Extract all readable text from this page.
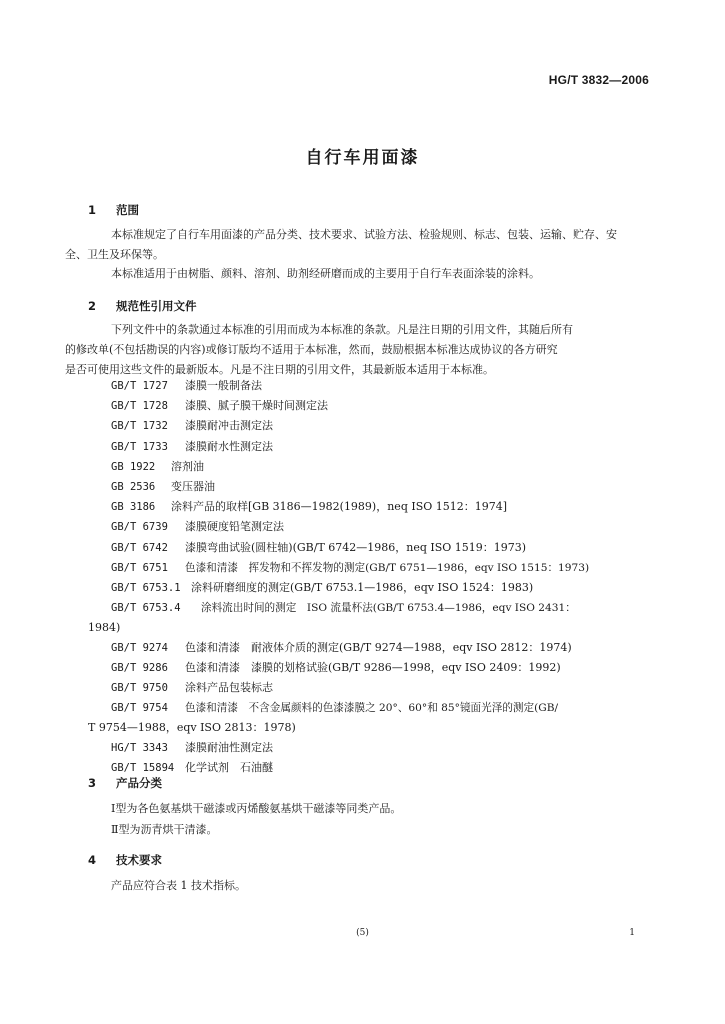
HG/T 3832—2006
自行车用面漆
1 范围
本标准规定了自行车用面漆的产品分类、技术要求、试验方法、检验规则、标志、包装、运输、贮存、安
全、卫生及环保等。
本标准适用于由树脂、颜料、溶剂、助剂经研磨而成的主要用于自行车表面涂装的涂料。
2 规范性引用文件
下列文件中的条款通过本标准的引用而成为本标准的条款。凡是注日期的引用文件，其随后所有
的修改单(不包括勘误的内容)或修订版均不适用于本标准，然而，鼓励根据本标准达成协议的各方研究
是否可使用这些文件的最新版本。凡是不注日期的引用文件，其最新版本适用于本标准。
GB/T 1727 漆膜一般制备法
GB/T 1728 漆膜、腻子膜干燥时间测定法
GB/T 1732 漆膜耐冲击测定法
GB/T 1733 漆膜耐水性测定法
GB 1922 溶剂油
GB 2536 变压器油
GB 3186 涂料产品的取样[GB 3186—1982(1989)，neq ISO 1512：1974]
GB/T 6739 漆膜硬度铅笔测定法
GB/T 6742 漆膜弯曲试验(圆柱轴)(GB/T 6742—1986，neq ISO 1519：1973)
GB/T 6751 色漆和清漆　挥发物和不挥发物的测定(GB/T 6751—1986，eqv ISO 1515：1973)
GB/T 6753.1 涂料研磨细度的测定(GB/T 6753.1—1986，eqv ISO 1524：1983)
GB/T 6753.4 涂料流出时间的测定　ISO 流量杯法(GB/T 6753.4—1986，eqv ISO 2431：
1984)
GB/T 9274 色漆和清漆　耐液体介质的测定(GB/T 9274—1988，eqv ISO 2812：1974)
GB/T 9286 色漆和清漆　漆膜的划格试验(GB/T 9286—1998，eqv ISO 2409：1992)
GB/T 9750 涂料产品包装标志
GB/T 9754 色漆和清漆　不含金属颜料的色漆漆膜之 20°、60°和 85°镜面光泽的测定(GB/
T 9754—1988，eqv ISO 2813：1978)
HG/T 3343 漆膜耐油性测定法
GB/T 15894 化学试剂　石油醚
3 产品分类
Ⅰ型为各色氨基烘干磁漆或丙烯酸氨基烘干磁漆等同类产品。
Ⅱ型为沥青烘干清漆。
4 技术要求
产品应符合表 1 技术指标。
(5)	1
